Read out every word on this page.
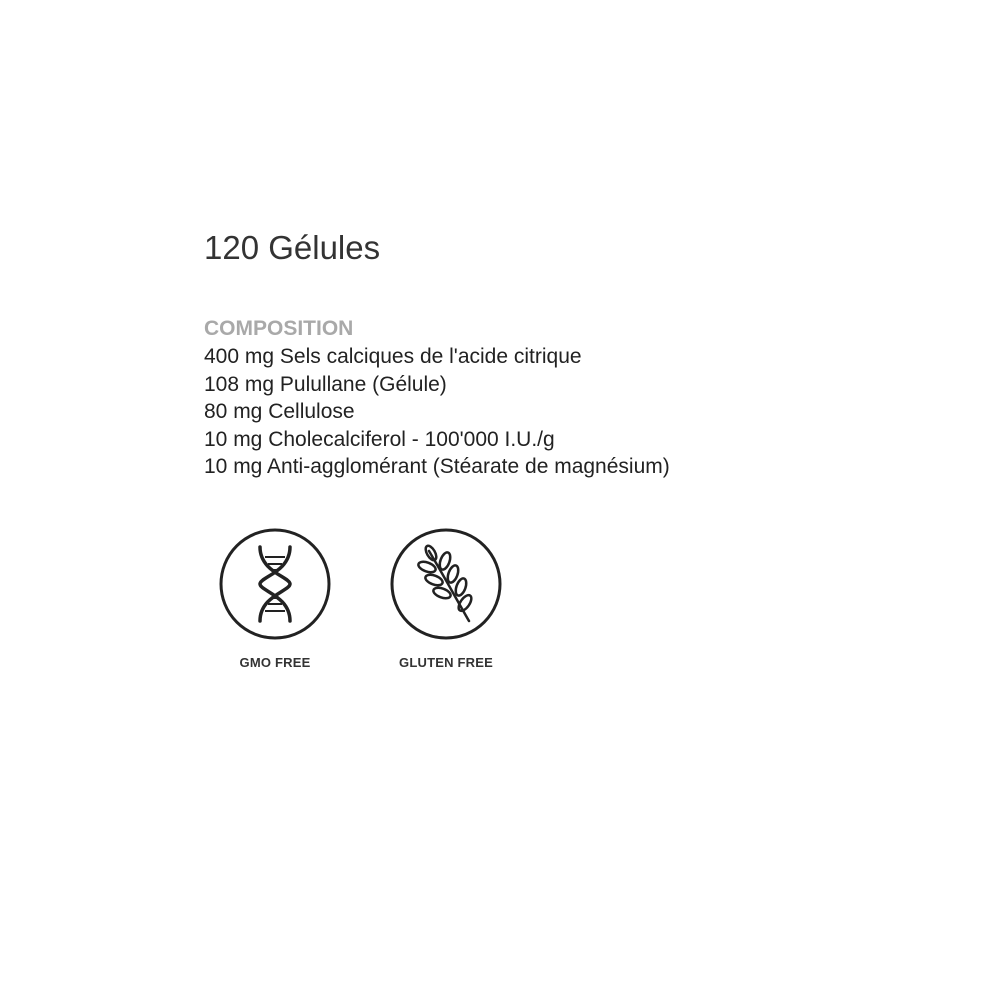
120 Gélules
COMPOSITION
400 mg Sels calciques de l'acide citrique
108 mg Pulullane (Gélule)
80 mg Cellulose
10 mg Cholecalciferol - 100'000 I.U./g
10 mg Anti-agglomérant (Stéarate de magnésium)
GMO FREE	GLUTEN FREE
